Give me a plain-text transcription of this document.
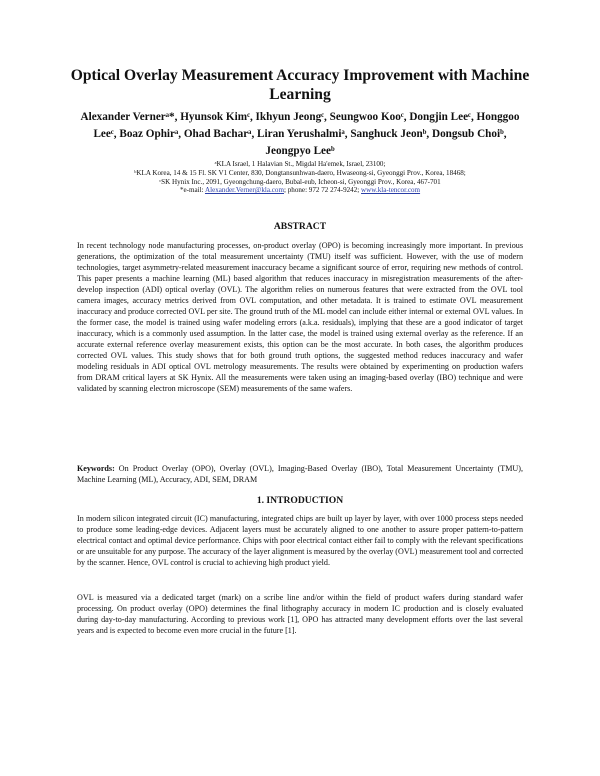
Optical Overlay Measurement Accuracy Improvement with Machine Learning
Alexander Vernerᵃ*, Hyunsok Kimᶜ, Ikhyun Jeongᶜ, Seungwoo Kooᶜ, Dongjin Leeᶜ, Honggoo Leeᶜ, Boaz Ophirᵃ, Ohad Bacharᵃ, Liran Yerushalmiᵃ, Sanghuck Jeonᵇ, Dongsub Choiᵇ, Jeongpyo Leeᵇ
ᵃKLA Israel, 1 Halavian St., Migdal Ha'emek, Israel, 23100;
ᵇKLA Korea, 14 & 15 Fl. SK V1 Center, 830, Dongtansunhwan-daero, Hwaseong-si, Gyeonggi Prov., Korea, 18468;
ᶜSK Hynix Inc., 2091, Gyeongchung-daero, Bubal-eub, Icheon-si, Gyeonggi Prov., Korea, 467-701
*e-mail: Alexander.Verner@kla.com; phone: 972 72 274-9242; www.kla-tencor.com
ABSTRACT

In recent technology node manufacturing processes, on-product overlay (OPO) is becoming increasingly more important. In previous generations, the optimization of the total measurement uncertainty (TMU) itself was sufficient. However, with the use of modern technologies, target asymmetry-related measurement inaccuracy became a significant source of error, requiring new methods of control. This paper presents a machine learning (ML) based algorithm that reduces inaccuracy in misregistration measurements of the after-develop inspection (ADI) optical overlay (OVL). The algorithm relies on numerous features that were extracted from the OVL tool camera images, accuracy metrics derived from OVL computation, and other metadata. It is trained to estimate OVL measurement inaccuracy and produce corrected OVL per site. The ground truth of the ML model can include either internal or external OVL values. In the former case, the model is trained using wafer modeling errors (a.k.a. residuals), implying that these are a good indicator of target inaccuracy, which is a commonly used assumption. In the latter case, the model is trained using external overlay as the reference. If an accurate external reference overlay measurement exists, this option can be the most accurate. In both cases, the algorithm produces corrected OVL values. This study shows that for both ground truth options, the suggested method reduces inaccuracy and wafer modeling residuals in ADI optical OVL metrology measurements. The results were obtained by experimenting on production wafers from DRAM critical layers at SK Hynix. All the measurements were taken using an imaging-based overlay (IBO) technique and were validated by scanning electron microscope (SEM) measurements of the same wafers.

Keywords: On Product Overlay (OPO), Overlay (OVL), Imaging-Based Overlay (IBO), Total Measurement Uncertainty (TMU), Machine Learning (ML), Accuracy, ADI, SEM, DRAM

1. INTRODUCTION

In modern silicon integrated circuit (IC) manufacturing, integrated chips are built up layer by layer, with over 1000 process steps needed to produce some leading-edge devices. Adjacent layers must be accurately aligned to one another to assure proper pattern-to-pattern electrical contact and optimal device performance. Chips with poor electrical contact either fail to comply with the relevant specifications or are unsuitable for any purpose. The accuracy of the layer alignment is measured by the overlay (OVL) measurement tool and corrected by the scanner. Hence, OVL control is crucial to achieving high product yield.

OVL is measured via a dedicated target (mark) on a scribe line and/or within the field of product wafers during standard wafer processing. On product overlay (OPO) determines the final lithography accuracy in modern IC production and is closely evaluated during day-to-day manufacturing. According to previous work [1], OPO has attracted many development efforts over the last several years and is expected to become even more crucial in the future [1].
